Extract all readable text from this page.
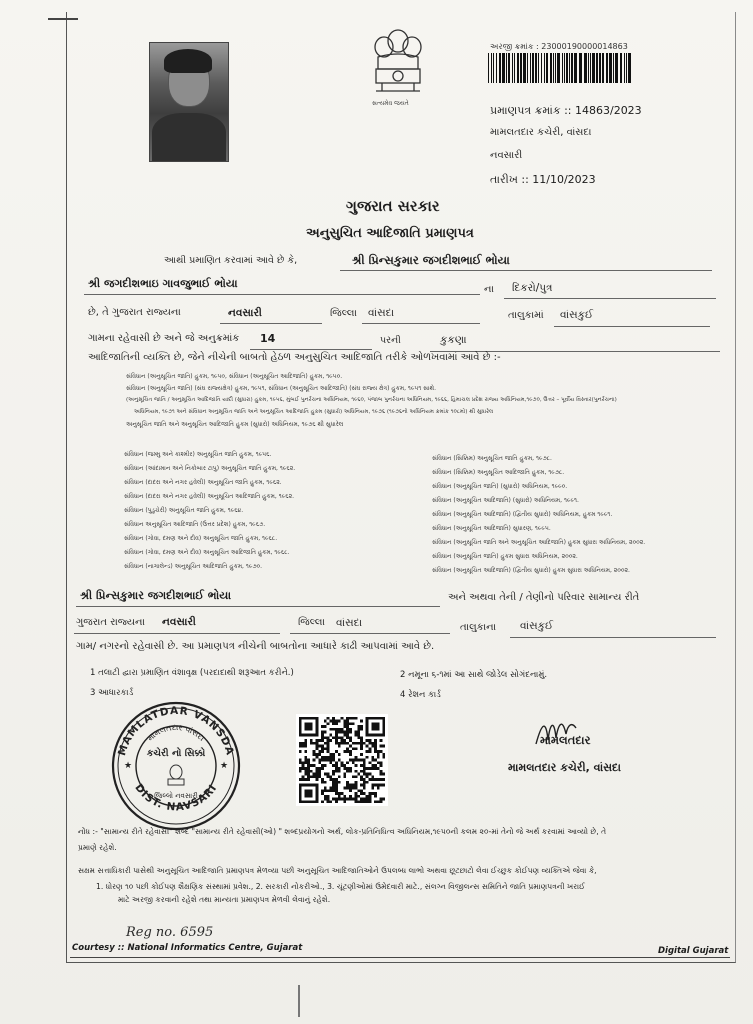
સત્યમેવ જયતે
અરજી ક્રમાંક : 23000190000014863
પ્રમાણપત્ર ક્રમાંક :: 14863/2023
મામલતદાર કચેરી, વાંસદા
નવસારી
તારીખ :: 11/10/2023
ગુજરાત સરકાર
અનુસુચિત આદિજાતિ પ્રમાણપત્ર
આથી પ્રમાણિત કરવામાં આવે છે કે,	શ્રી પ્રિન્સકુમાર જગદીશભાઈ ભોયા
શ્રી જગદીશભાઇ ગાવજુભાઈ ભોયા	ના દિકરો/પુત્ર
છે, તે ગુજરાત રાજ્યના	નવસારી	જિલ્લા વાંસદા	તાલુકામાં વાંસકુઈ
ગામના રહેવાસી છે અને જે અનુક્રમાંક 14	પરની	કુકણા
આદિજાતિની વ્યક્તિ છે, જેને નીચેની બાબતો હેઠળ અનુસુચિત આદિજાતિ તરીકે ઓળખવામાં આવે છે :-
સંવિધાન (અનુસૂચિત જાતિ) હુકમ, ૧૯૫૦, સંવિધાન (અનુસૂચિત આદિજાતિ) હુકમ, ૧૯૫૦.
સંવિધાન (અનુસૂચિત જાતિ) (સંઘ રાજ્યક્ષેત્ર) હુકમ, ૧૯૫૧, સંવિધાન (અનુસૂચિત આદિજાતિ) (સંઘ રાજ્ય ક્ષેત્ર) હુકમ, ૧૯૫૧ સાથે.
(અનુસૂચિત જાતિ / અનુસૂચિત આદિજાતિ યાદી (સુધારા) હુકમ, ૧૯૫૬, મુંબઈ પુનર્રચના અધિનિયમ, ૧૯૬૦, પંજાબ પુનર્રચના અધિનિયમ, ૧૯૬૬, હિમાચલ પ્રદેશ રાજ્ય અધિનિયમ,૧૯૭૦, ઉત્તર – પૂર્વીય વિસ્તાર(પુનર્રચના)
અધિનિયમ, ૧૯૭૧ અને સંવિધાન અનુસૂચિત જાતિ અને અનુસૂચિત આદિજાતિ હુકમ (સુધારો) અધિનિયમ, ૧૯૭૬ (૧૯૭૬નો અધિનિયમ ક્રમાંક ૧૦૮મો) થી સુધારેલ
અનુસૂચિત જાતિ અને અનુસૂચિત આદિજાતિ હુકમ (સુધારો) અધિનિયમ, ૧૯૭૬ થી સુધારેલ
સંવિધાન (જમ્મુ અને કાશ્મીર) અનુસૂચિત જાતિ હુકમ, ૧૯૫૬.
સંવિધાન (આંદામાન અને નિકોબાર ટાપુ) અનુસૂચિત જાતિ હુકમ, ૧૯૬૨.
સંવિધાન (દાદરા અને નગર હવેલી) અનુસૂચિત જાતિ હુકમ, ૧૯૬૨.
સંવિધાન (દાદરા અને નગર હવેલી) અનુસૂચિત આદિજાતિ હુકમ, ૧૯૬૨.
સંવિધાન (પુડુચેરી) અનુસૂચિત જાતિ હુકમ, ૧૯૬૪.
સંવિધાન અનુસૂચિત આદિજાતિ (ઉત્તર પ્રદેશ) હુકમ, ૧૯૬૭.
સંવિધાન (ગોવા, દમણ અને દીવ) અનુસૂચિત જાતિ હુકમ, ૧૯૬૮.
સંવિધાન (ગોવા, દમણ અને દીવ) અનુસૂચિત આદિજાતિ હુકમ, ૧૯૬૮.
સંવિધાન (નાગાલેન્ડ) અનુસૂચિત આદિજાતિ હુકમ, ૧૯૭૦.
સંવિધાન (સિક્કિમ) અનુસૂચિત જાતિ હુકમ, ૧૯૭૮.
સંવિધાન (સિક્કિમ) અનુસૂચિત આદિજાતિ હુકમ, ૧૯૭૮.
સંવિધાન (અનુસૂચિત જાતિ) (સુધારો) અધિનિયમ, ૧૯૯૦.
સંવિધાન (અનુસૂચિત આદિજાતિ) (સુધારો) અધિનિયમ, ૧૯૯૧.
સંવિધાન (અનુસૂચિત આદિજાતિ) (દ્વિતીય સુધારો) અધિનિયમ, હુકમ ૧૯૯૧.
સંવિધાન (અનુસૂચિત આદિજાતિ) સુધારણ, ૧૯૯૫.
સંવિધાન (અનુસૂચિત જાતિ અને અનુસૂચિત આદિજાતિ) હુકમ સુધારા અધિનિયમ, ૨૦૦૨.
સંવિધાન (અનુસૂચિત જાતિ) હુકમ સુધારા અધિનિયમ, ૨૦૦૨.
સંવિધાન (અનુસૂચિત આદિજાતિ) (દ્વિતીય સુધારો) હુકમ સુધારા અધિનિયમ, ૨૦૦૨.
શ્રી પ્રિન્સકુમાર જગદીશભાઈ ભોયા	અને અથવા તેની / તેણીનો પરિવાર સામાન્ય રીતે
ગુજરાત રાજ્યના નવસારી	જિલ્લા વાંસદા	તાલુકાના વાંસકુઈ
ગામ/ નગરનો રહેવાસી છે. આ પ્રમાણપત્ર નીચેની બાબતોના આધારે કાઢી આપવામાં આવે છે.
1 તલાટી દ્વારા પ્રમાણિત વંશાવૃક્ષ (પરદાદાથી શરૂઆત કરીને.)	2 નમૂના ૬-૧માં આ સાથે જોડેલ સોગંદનામું.
3 આધારકાર્ડ	4 રેશન કાર્ડ
MAMLATDAR VANSDA
મામલતદાર વાંસદા
કચેરી નો સિક્કો
જિલ્લો નવસારી
DIST. NAVSARI
★	★
મામલતદાર
મામલતદાર કચેરી, વાંસદા
નોંધ :- "સામાન્ય રીતે રહેવાસી" શબ્દ "સામાન્ય રીતે રહેવાસી(ઓ) " શબ્દપ્રયોગનો અર્થ, લોક-પ્રતિનિધિત્વ અધિનિયમ,૧૯૫૦ની કલમ ૨૦-માં તેનો જે અર્થ કરવામાં આવ્યો છે, તે
પ્રમાણે રહેશે.
સક્ષમ સત્તાધિકારી પાસેથી અનુસૂચિત આદિજાતિ પ્રમાણપત્ર મેળવ્યા પછી અનુસૂચિત આદિજાતિઓને ઉપલબ્ધ લાભો અથવા છૂટછાટો લેવા ઈચ્છુક કોઈપણ વ્યક્તિએ જેવા કે,
1. ધોરણ ૧૦ પછી કોઈપણ શૈક્ષણિક સંસ્થામાં પ્રવેશ., 2. સરકારી નોકરીઓ., 3. ચૂંટણીઓમાં ઉમેદવારી માટે., સંલગ્ન વિજીલન્સ સમિતિને જાતિ પ્રમાણપત્રની ખરાઈ
માટે અરજી કરવાની રહેશે તથા માન્યતા પ્રમાણપત્ર મેળવી લેવાનું રહેશે.
Reg no. 6595
Courtesy :: National Informatics Centre, Gujarat	Digital Gujarat
